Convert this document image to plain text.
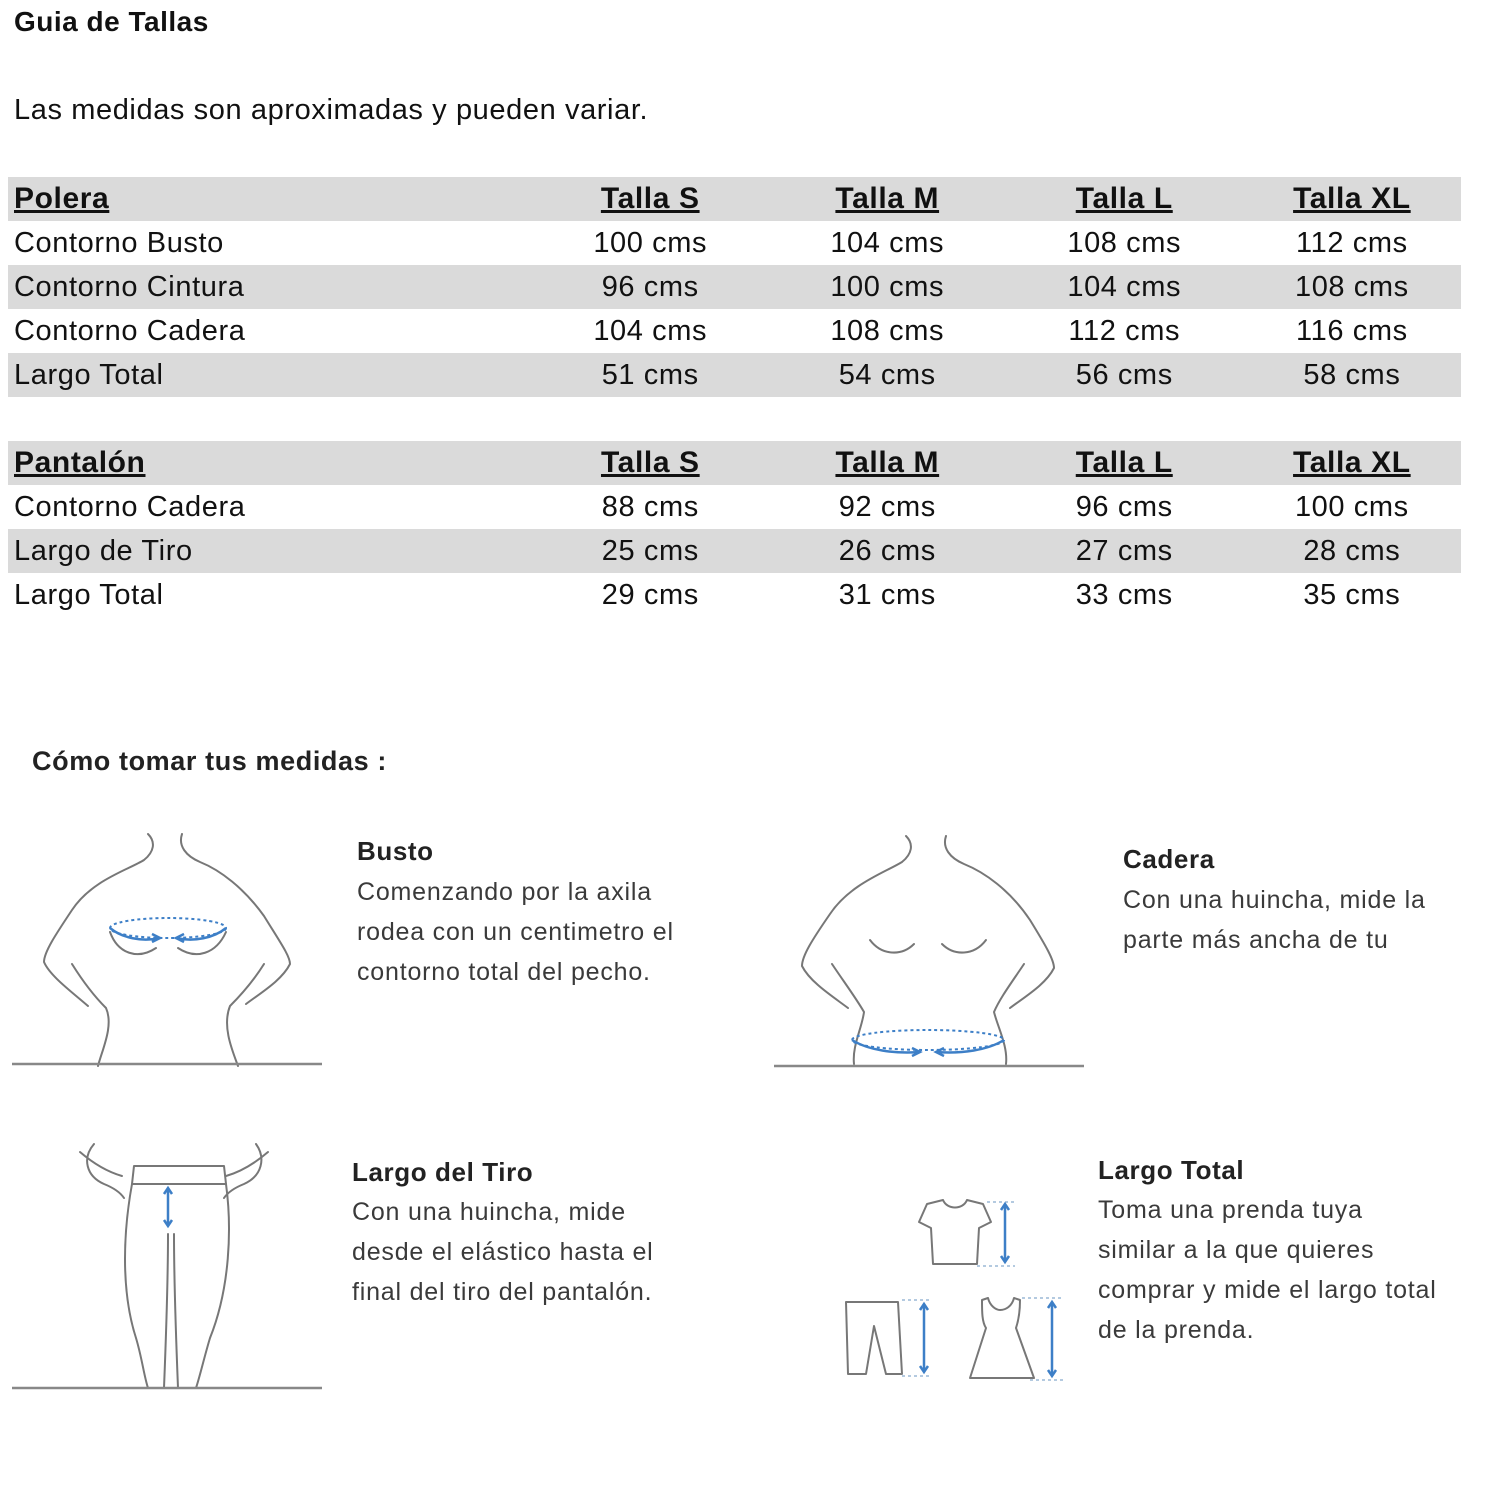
Guia de Tallas
Las medidas son aproximadas y pueden variar.
Polera	Talla S	Talla M	Talla L	Talla XL
Contorno Busto	100 cms	104 cms	108 cms	112 cms
Contorno Cintura	96 cms	100 cms	104 cms	108 cms
Contorno Cadera	104 cms	108 cms	112 cms	116 cms
Largo Total	51 cms	54 cms	56 cms	58 cms
Pantalón	Talla S	Talla M	Talla L	Talla XL
Contorno Cadera	88 cms	92 cms	96 cms	100 cms
Largo de Tiro	25 cms	26 cms	27 cms	28 cms
Largo Total	29 cms	31 cms	33 cms	35 cms
Cómo tomar tus medidas :
Busto
Comenzando por la axila
rodea con un centimetro el
contorno total del pecho.
Cadera
Con una huincha, mide la
parte más ancha de tu
Largo del Tiro
Con una huincha, mide
desde el elástico hasta el
final del tiro del pantalón.
Largo Total
Toma una prenda tuya
similar a la que quieres
comprar y mide el largo total
de la prenda.
